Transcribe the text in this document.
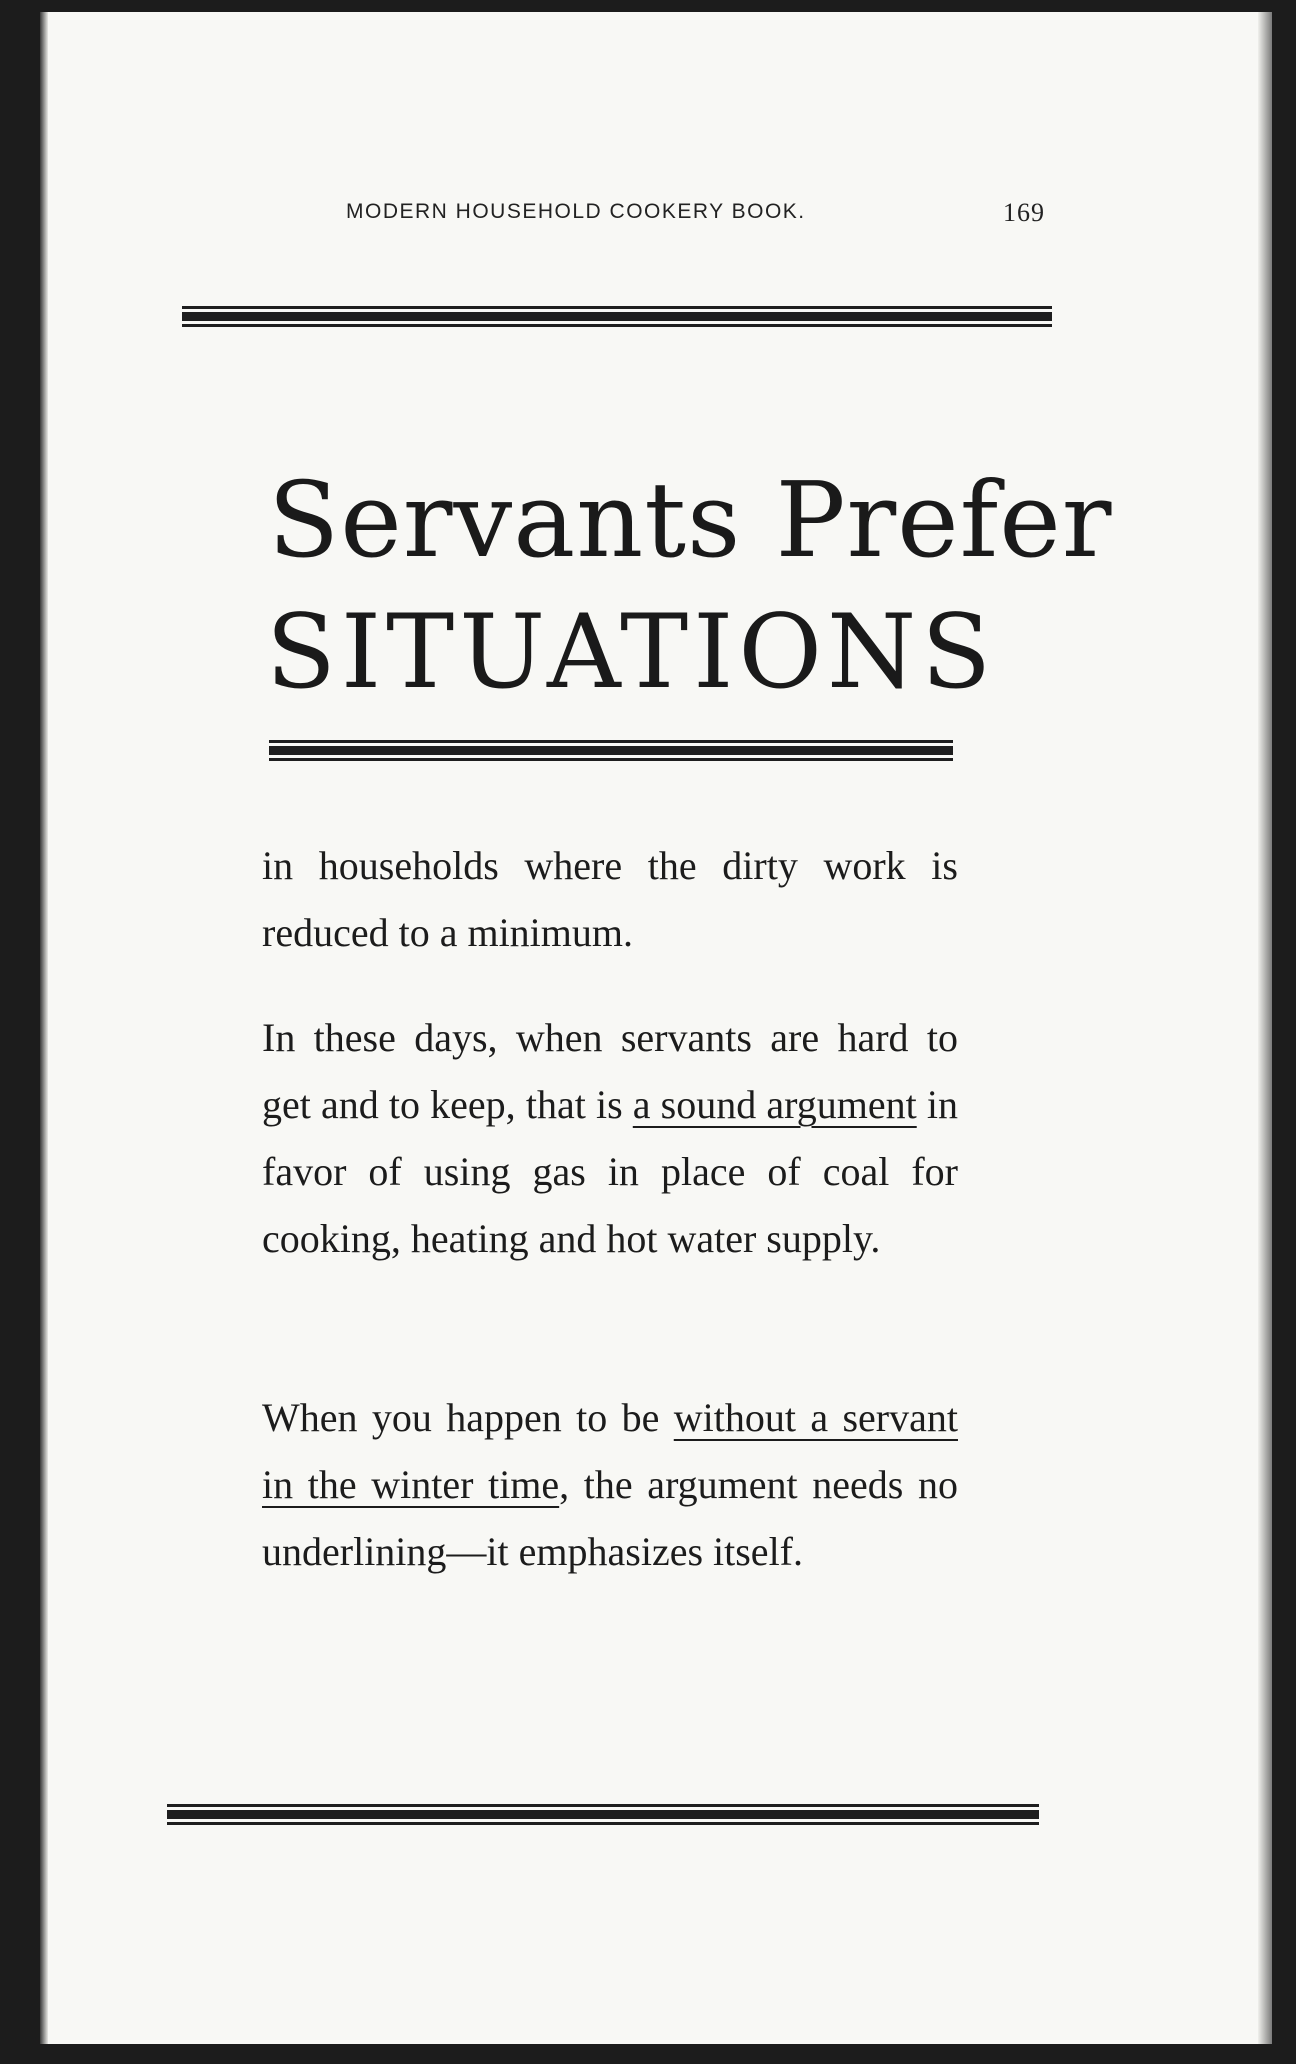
MODERN HOUSEHOLD COOKERY BOOK.	169
Servants Prefer
SITUATIONS
in households where the dirty work is reduced to a minimum.
In these days, when servants are hard to get and to keep, that is a sound argument in favor of using gas in place of coal for cooking, heating and hot water supply.
When you happen to be without a servant in the winter time, the argument needs no underlining—it emphasizes itself.
